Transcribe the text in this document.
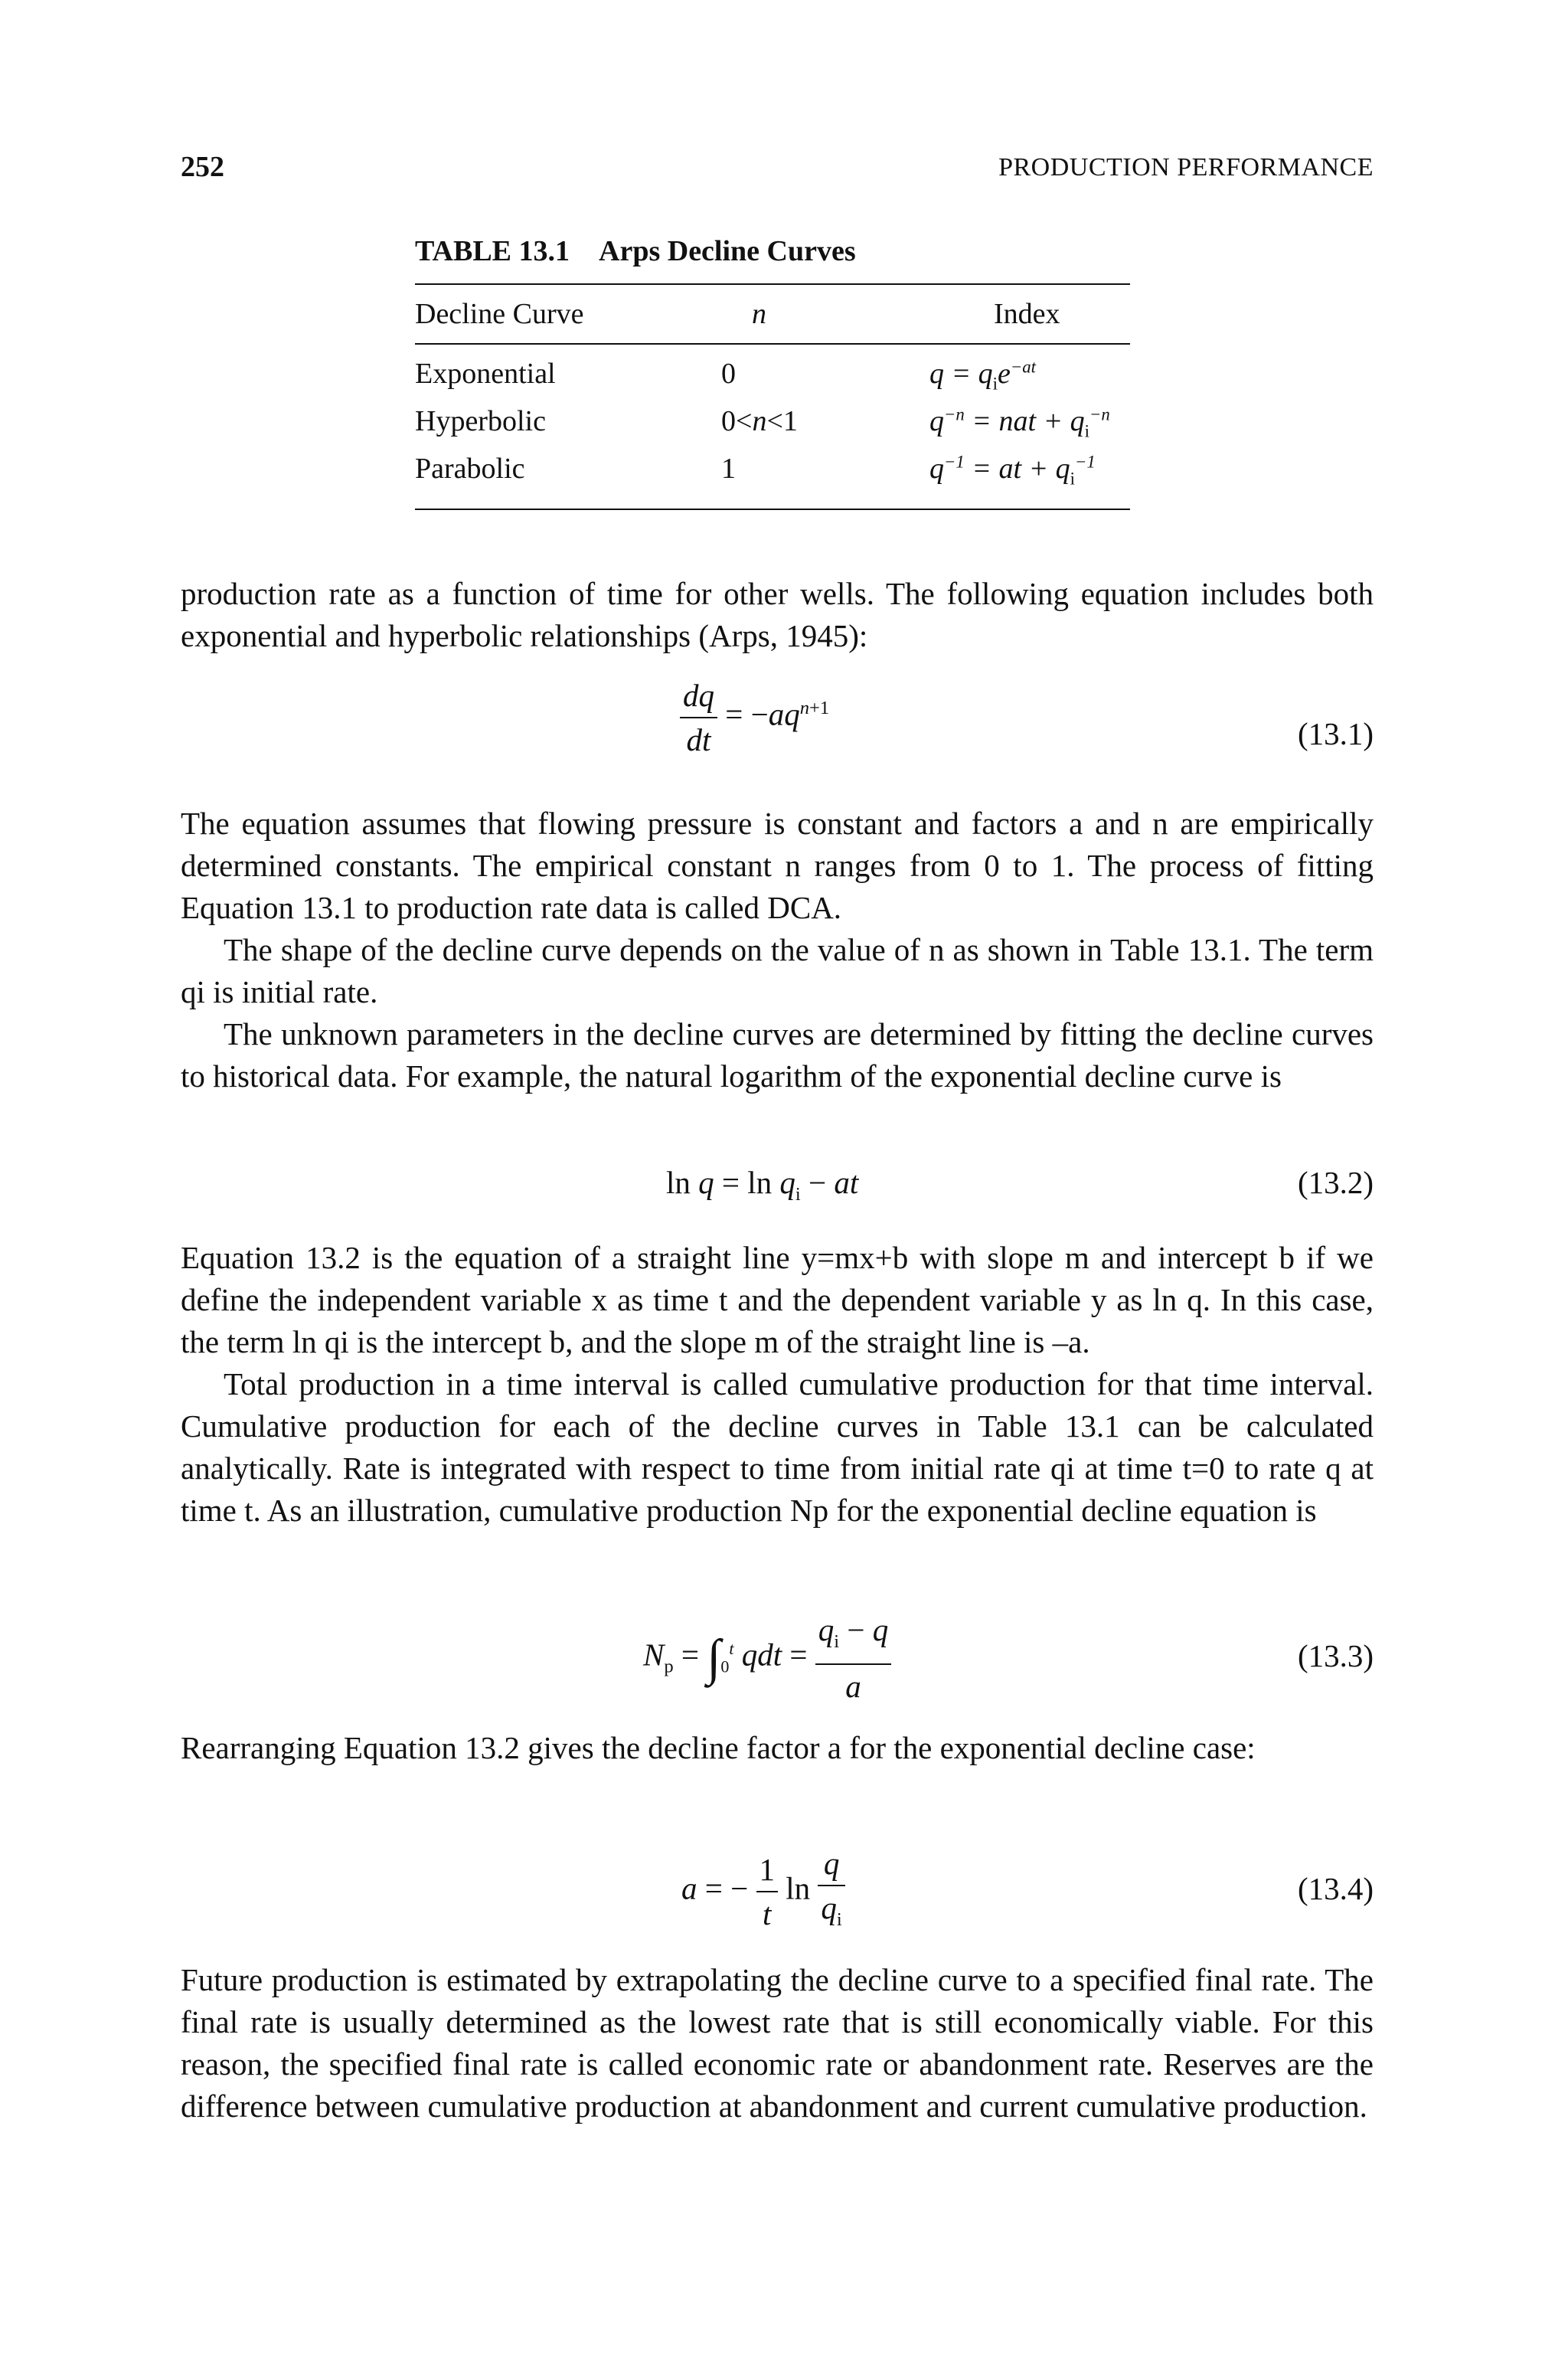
252	PRODUCTION PERFORMANCE
TABLE 13.1 Arps Decline Curves
Decline Curve	n	Index
Exponential	0	$q = q_ie^{-at}$
Hyperbolic	0<n<1	$q^{-n}$ = nat + $q_i^{-n}$
Parabolic	1	$q^{-1}$ = at + $q_i^{-1}$
production rate as a function of time for other wells. The following equation includes both exponential and hyperbolic relationships (Arps, 1945):
$\frac{dq}{dt} = -aq^{n+1}$
(13.1)
The equation assumes that flowing pressure is constant and factors a and n are empirically determined constants. The empirical constant n ranges from 0 to 1. The process of fitting Equation 13.1 to production rate data is called DCA.
The shape of the decline curve depends on the value of n as shown in Table 13.1. The term qi is initial rate.
The unknown parameters in the decline curves are determined by fitting the decline curves to historical data. For example, the natural logarithm of the exponential decline curve is
$\ln q = \ln q_i$ − at	(13.2)
Equation 13.2 is the equation of a straight line y=mx+b with slope m and intercept b if we define the independent variable x as time t and the dependent variable y as ln q. In this case, the term ln qi is the intercept b, and the slope m of the straight line is –a.
Total production in a time interval is called cumulative production for that time interval. Cumulative production for each of the decline curves in Table 13.1 can be calculated analytically. Rate is integrated with respect to time from initial rate qi at time t=0 to rate q at time t. As an illustration, cumulative production Np for the exponential decline equation is
$N_p = \int_0^t$ qdt = $\frac{q_i - q}{a}$	(13.3)
Rearranging Equation 13.2 gives the decline factor a for the exponential decline case:
a = − $\frac{1}{t}$ $\ln \frac{q}{q_i}$	(13.4)
Future production is estimated by extrapolating the decline curve to a specified final rate. The final rate is usually determined as the lowest rate that is still economically viable. For this reason, the specified final rate is called economic rate or abandonment rate. Reserves are the difference between cumulative production at abandonment and current cumulative production.
